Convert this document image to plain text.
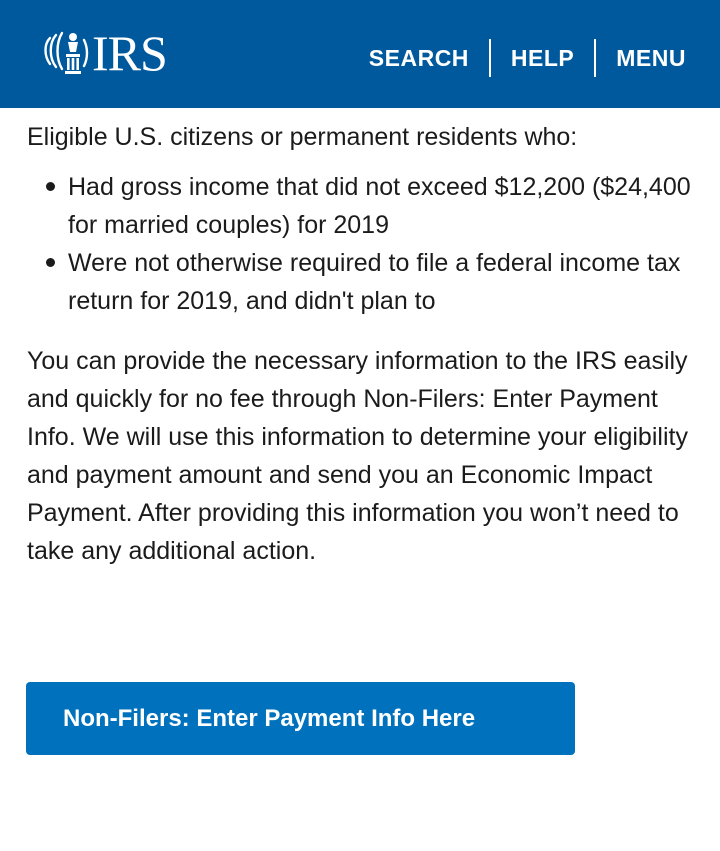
IRS	SEARCH HELP MENU

Eligible U.S. citizens or permanent residents who:

Had gross income that did not exceed $12,200 ($24,400 for married couples) for 2019
Were not otherwise required to file a federal income tax return for 2019, and didn't plan to

You can provide the necessary information to the IRS easily and quickly for no fee through Non-Filers: Enter Payment Info. We will use this information to determine your eligibility and payment amount and send you an Economic Impact Payment. After providing this information you won’t need to take any additional action.

Non-Filers: Enter Payment Info Here
